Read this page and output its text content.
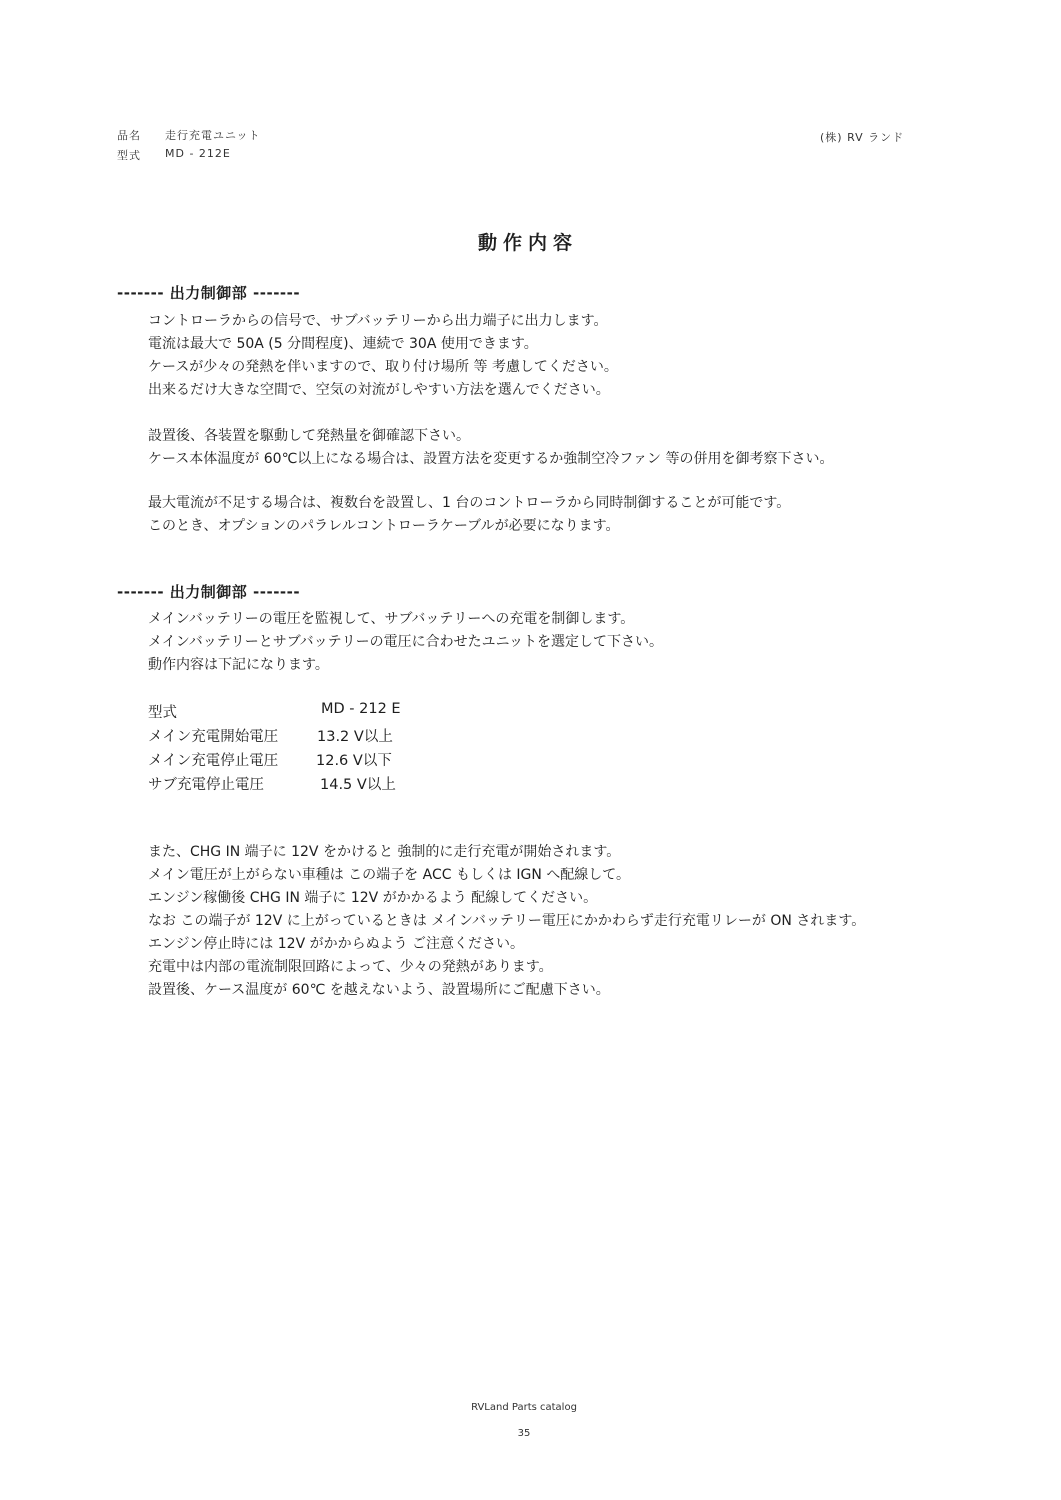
品名 走行充電ユニット
型式 MD - 212E
(株) RV ランド
動作内容
------- 出力制御部 -------
コントローラからの信号で、サブバッテリーから出力端子に出力します。
電流は最大で 50A (5 分間程度)、連続で 30A 使用できます。
ケースが少々の発熱を伴いますので、取り付け場所 等 考慮してください。
出来るだけ大きな空間で、空気の対流がしやすい方法を選んでください。
設置後、各装置を駆動して発熱量を御確認下さい。
ケース本体温度が 60℃以上になる場合は、設置方法を変更するか強制空冷ファン 等の併用を御考察下さい。
最大電流が不足する場合は、複数台を設置し、1 台のコントローラから同時制御することが可能です。
このとき、オプションのパラレルコントローラケーブルが必要になります。
------- 出力制御部 -------
メインバッテリーの電圧を監視して、サブバッテリーへの充電を制御します。
メインバッテリーとサブバッテリーの電圧に合わせたユニットを選定して下さい。
動作内容は下記になります。
型式	MD - 212 E
メイン充電開始電圧	13.2 V以上
メイン充電停止電圧	12.6 V以下
サブ充電停止電圧	14.5 V以上
また、CHG IN 端子に 12V をかけると 強制的に走行充電が開始されます。
メイン電圧が上がらない車種は この端子を ACC もしくは IGN へ配線して。
エンジン稼働後 CHG IN 端子に 12V がかかるよう 配線してください。
なお この端子が 12V に上がっているときは メインバッテリー電圧にかかわらず走行充電リレーが ON されます。
エンジン停止時には 12V がかからぬよう ご注意ください。
充電中は内部の電流制限回路によって、少々の発熱があります。
設置後、ケース温度が 60℃ を越えないよう、設置場所にご配慮下さい。
RVLand Parts catalog
35
